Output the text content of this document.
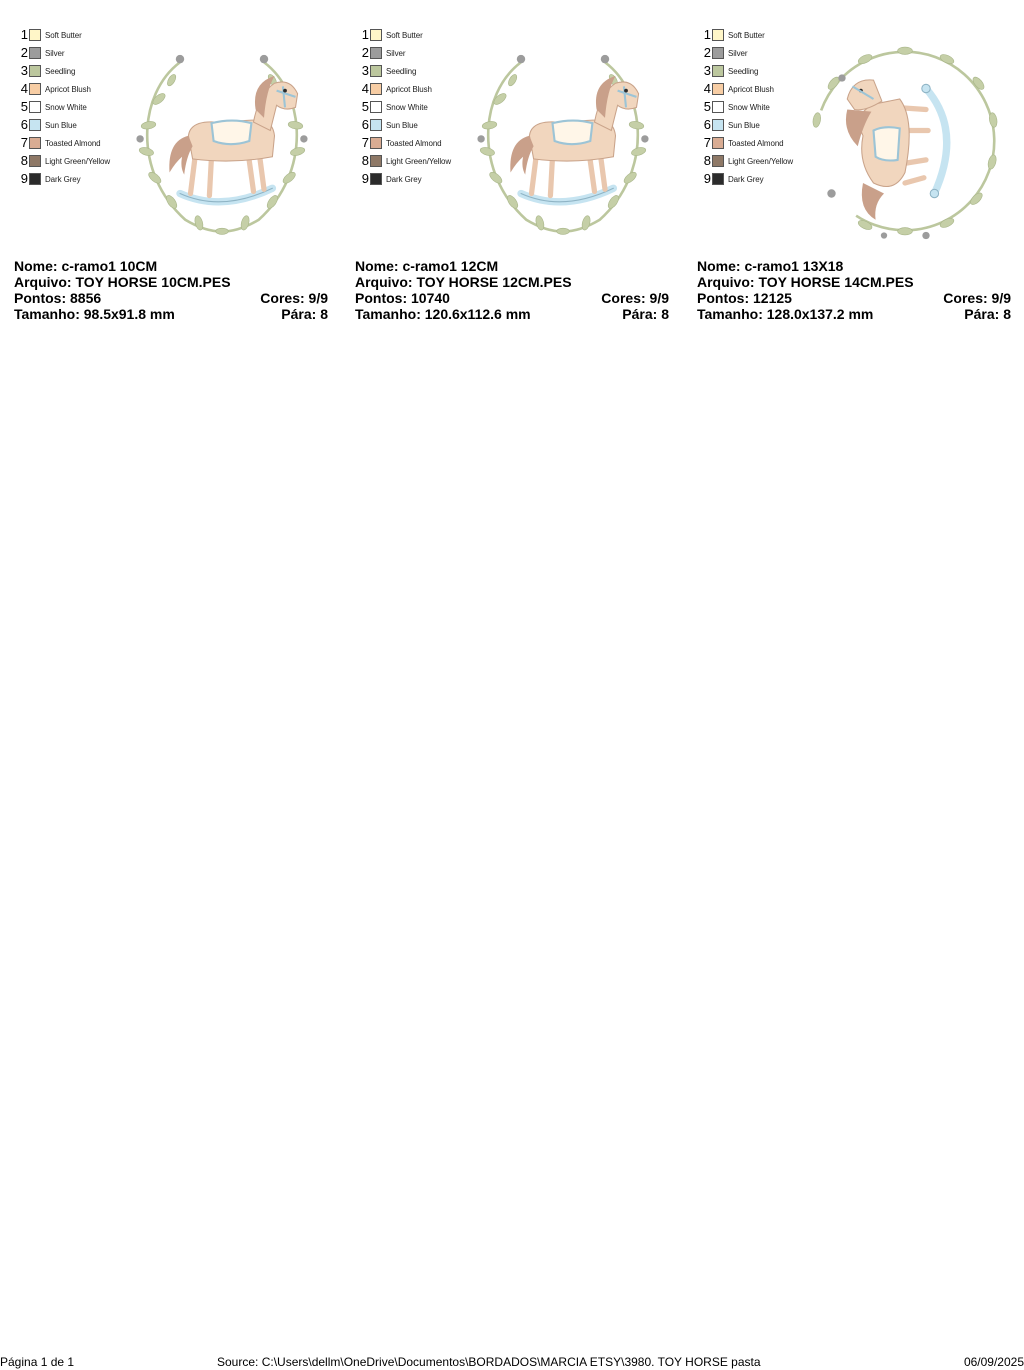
1 Soft Butter
2 Silver
3 Seedling
4 Apricot Blush
5 Snow White
6 Sun Blue
7 Toasted Almond
8 Light Green/Yellow
9 Dark Grey
Nome: c-ramo1 10CM
Arquivo: TOY HORSE 10CM.PES
Pontos: 8856	Cores: 9/9
Tamanho: 98.5x91.8 mm	Pára: 8
1 Soft Butter
2 Silver
3 Seedling
4 Apricot Blush
5 Snow White
6 Sun Blue
7 Toasted Almond
8 Light Green/Yellow
9 Dark Grey
Nome: c-ramo1 12CM
Arquivo: TOY HORSE 12CM.PES
Pontos: 10740	Cores: 9/9
Tamanho: 120.6x112.6 mm	Pára: 8
1 Soft Butter
2 Silver
3 Seedling
4 Apricot Blush
5 Snow White
6 Sun Blue
7 Toasted Almond
8 Light Green/Yellow
9 Dark Grey
Nome: c-ramo1 13X18
Arquivo: TOY HORSE 14CM.PES
Pontos: 12125	Cores: 9/9
Tamanho: 128.0x137.2 mm	Pára: 8
Página 1 de 1	Source: C:\Users\dellm\OneDrive\Documentos\BORDADOS\MARCIA ETSY\3980. TOY HORSE pasta	06/09/2025
